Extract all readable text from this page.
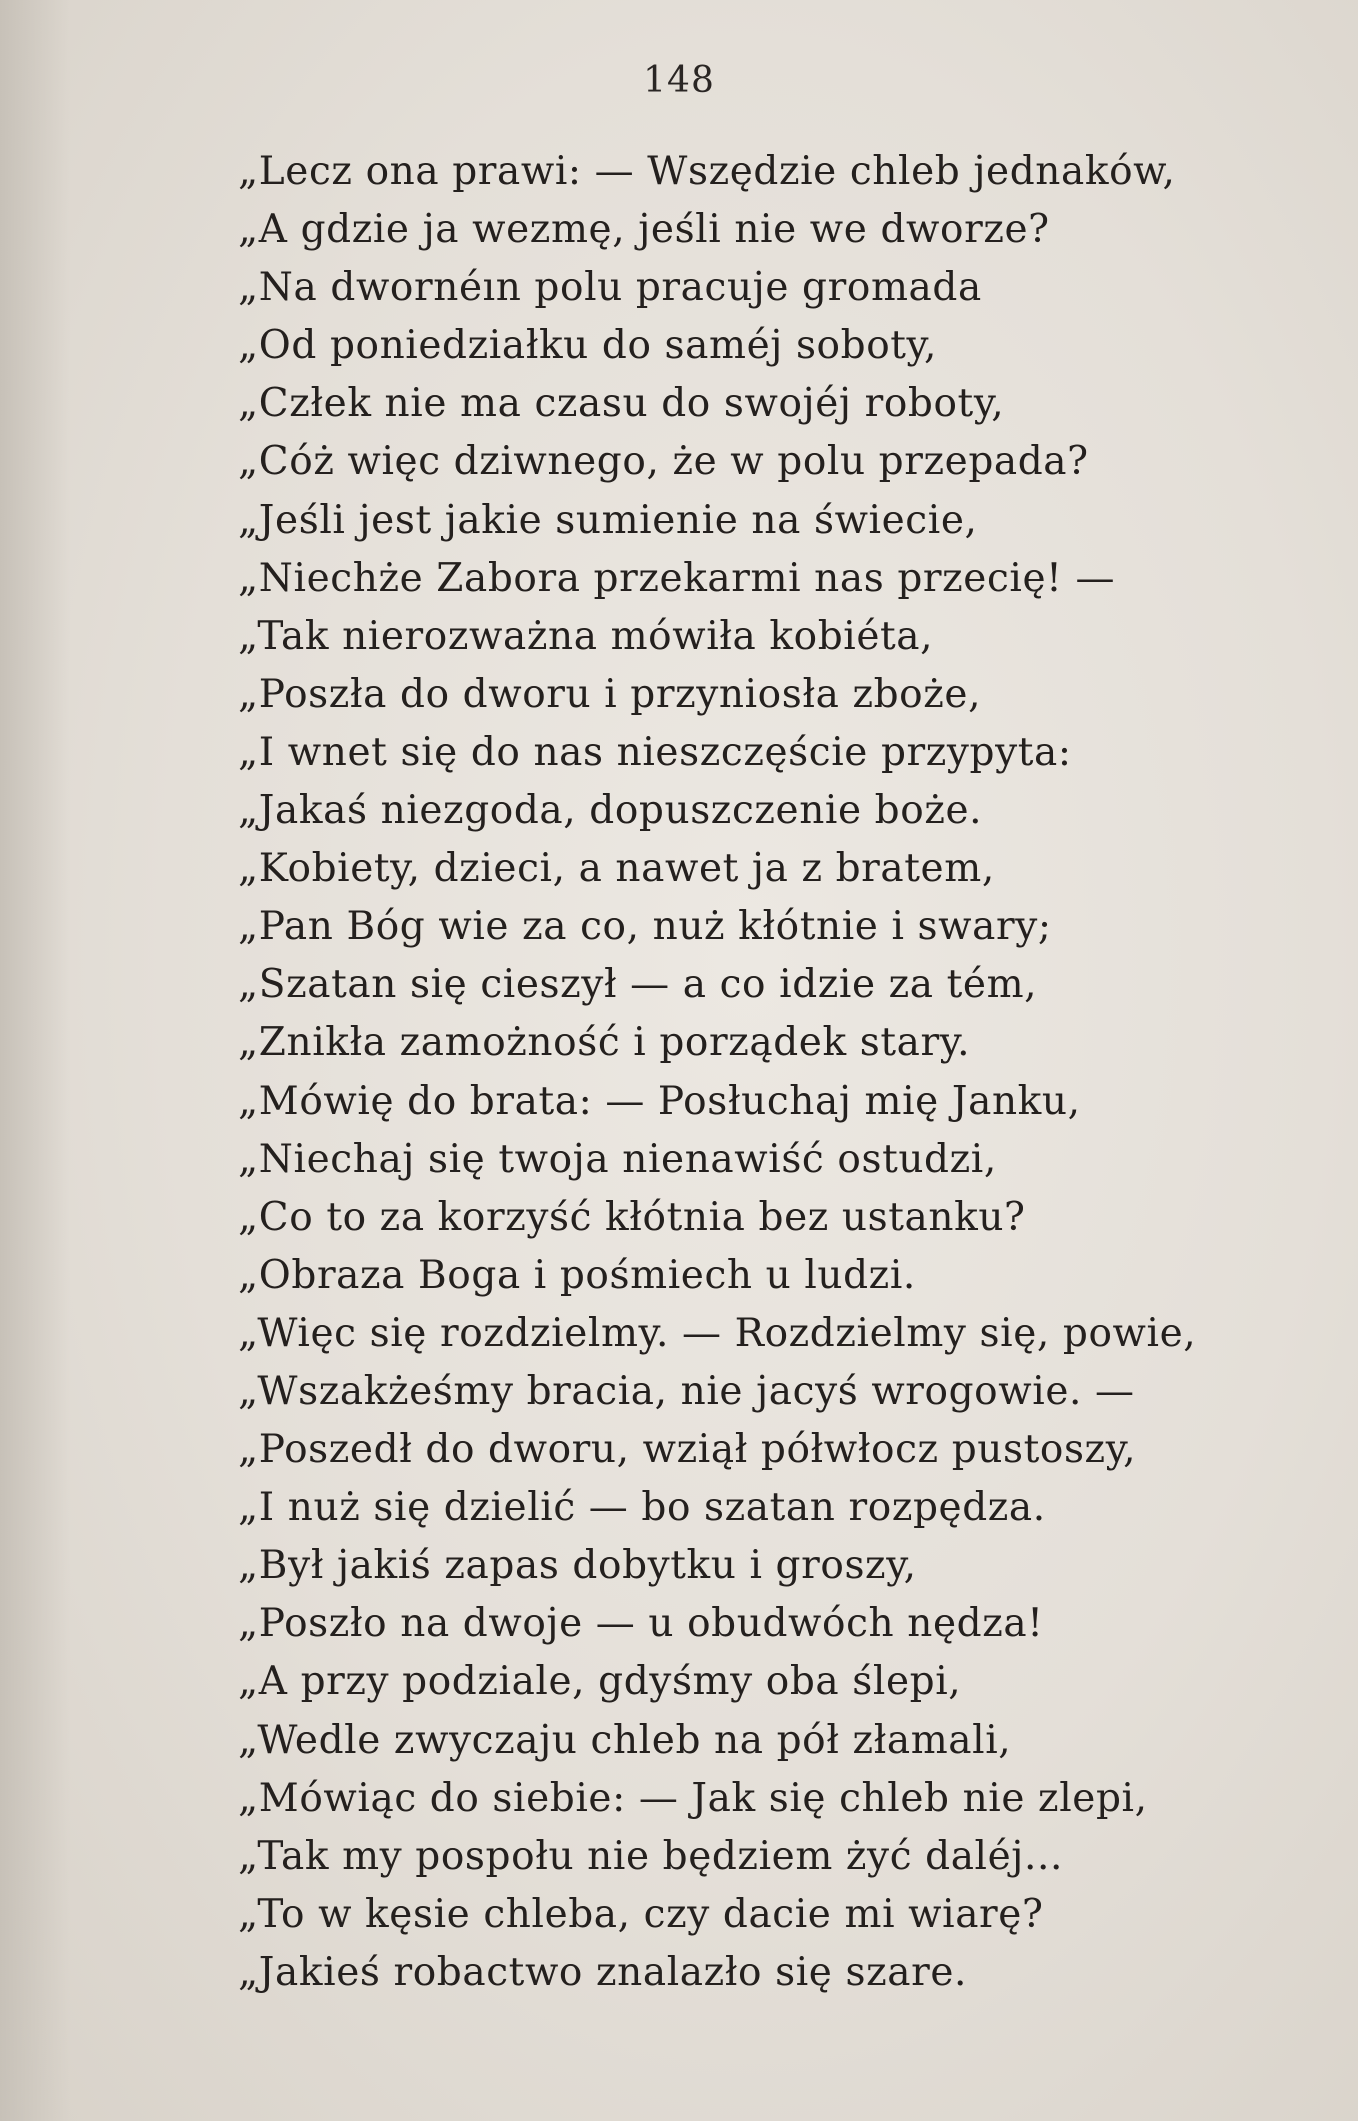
148
„Lecz ona prawi: — Wszędzie chleb jednaków,
„A gdzie ja wezmę, jeśli nie we dworze?
„Na dwornéın polu pracuje gromada
„Od poniedziałku do saméj soboty,
„Człek nie ma czasu do swojéj roboty,
„Cóż więc dziwnego, że w polu przepada?
„Jeśli jest jakie sumienie na świecie,
„Niechże Zabora przekarmi nas przecię! —
„Tak nierozważna mówiła kobiéta,
„Poszła do dworu i przyniosła zboże,
„I wnet się do nas nieszczęście przypyta:
„Jakaś niezgoda, dopuszczenie boże.
„Kobiety, dzieci, a nawet ja z bratem,
„Pan Bóg wie za co, nuż kłótnie i swary;
„Szatan się cieszył — a co idzie za tém,
„Znikła zamożność i porządek stary.
„Mówię do brata: — Posłuchaj mię Janku,
„Niechaj się twoja nienawiść ostudzi,
„Co to za korzyść kłótnia bez ustanku?
„Obraza Boga i pośmiech u ludzi.
„Więc się rozdzielmy. — Rozdzielmy się, powie,
„Wszakżeśmy bracia, nie jacyś wrogowie. —
„Poszedł do dworu, wziął półwłocz pustoszy,
„I nuż się dzielić — bo szatan rozpędza.
„Był jakiś zapas dobytku i groszy,
„Poszło na dwoje — u obudwóch nędza!
„A przy podziale, gdyśmy oba ślepi,
„Wedle zwyczaju chleb na pół złamali,
„Mówiąc do siebie: — Jak się chleb nie zlepi,
„Tak my pospołu nie będziem żyć daléj...
„To w kęsie chleba, czy dacie mi wiarę?
„Jakieś robactwo znalazło się szare.
